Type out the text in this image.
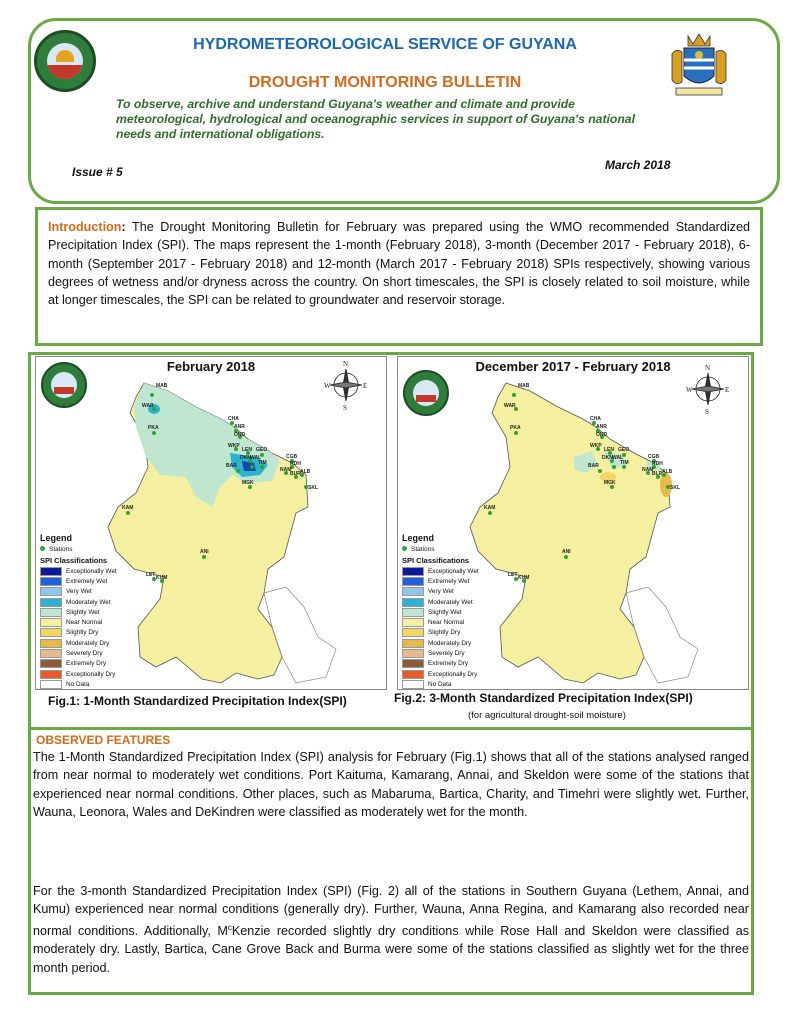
HYDROMETEOROLOGICAL SERVICE OF GUYANA
DROUGHT MONITORING BULLETIN
To observe, archive and understand Guyana's weather and climate and provide meteorological, hydrological and oceanographic services in support of Guyana's national needs and international obligations.
Issue # 5	March 2018
Introduction: The Drought Monitoring Bulletin for February was prepared using the WMO recommended Standardized Precipitation Index (SPI). The maps represent the 1-month (February 2018), 3-month (December 2017 - February 2018), 6-month (September 2017 - February 2018) and 12-month (March 2017 - February 2018) SPIs respectively, showing various degrees of wetness and/or dryness across the country. On short timescales, the SPI is closely related to soil moisture, while at longer timescales, the SPI can be related to groundwater and reservoir storage.
MAB
WAR
PKA
CHA
ANR
OND
WKP
LEN GEO
DKN WAL
TIM
CGB
BAR	RDH
NAM
BUR ALB
SKL
MGK
KAM
ANI
LET KUM
N
S
W	E
February 2018
Legend
Stations
SPI Classifications
Exceptionally Wet
Extremely Wet
Very Wet
Moderately Wet
Slightly Wet
Near Normal
Slightly Dry
Moderately Dry
Severely Dry
Extremely Dry
Exceptionally Dry
No Data
MAB
WAR
PKA
CHA
ANR
OND
WKP
LEN GEO
DKN WAL
TIM
CGB
BAR	RDH
NAM
BLR ALB
SKL
MGK
KAM
ANI
LET KUM
N
S
W	E
December 2017 - February 2018
Legend
Stations
SPI Classifications
Exceptionally Wet
Extremely Wet
Very Wet
Moderately Wet
Slightly Wet
Near Normal
Slightly Dry
Moderately Dry
Severely Dry
Extremely Dry
Exceptionally Dry
No Data
Fig.1: 1-Month Standardized Precipitation Index(SPI)	Fig.2: 3-Month Standardized Precipitation Index(SPI)
(for agricultural drought-soil moisture)
OBSERVED FEATURES
The 1-Month Standardized Precipitation Index (SPI) analysis for February (Fig.1) shows that all of the stations analysed ranged from near normal to moderately wet conditions. Port Kaituma, Kamarang, Annai, and Skeldon were some of the stations that experienced near normal conditions. Other places, such as Mabaruma, Bartica, Charity, and Timehri were slightly wet. Further, Wauna, Leonora, Wales and DeKindren were classified as moderately wet for the month.
For the 3-month Standardized Precipitation Index (SPI) (Fig. 2) all of the stations in Southern Guyana (Lethem, Annai, and Kumu) experienced near normal conditions (generally dry). Further, Wauna, Anna Regina, and Kamarang also recorded near normal conditions. Additionally, $M^cKenzie$ recorded slightly dry conditions while Rose Hall and Skeldon were classified as moderately dry. Lastly, Bartica, Cane Grove Back and Burma were some of the stations classified as slightly wet for the three month period.
